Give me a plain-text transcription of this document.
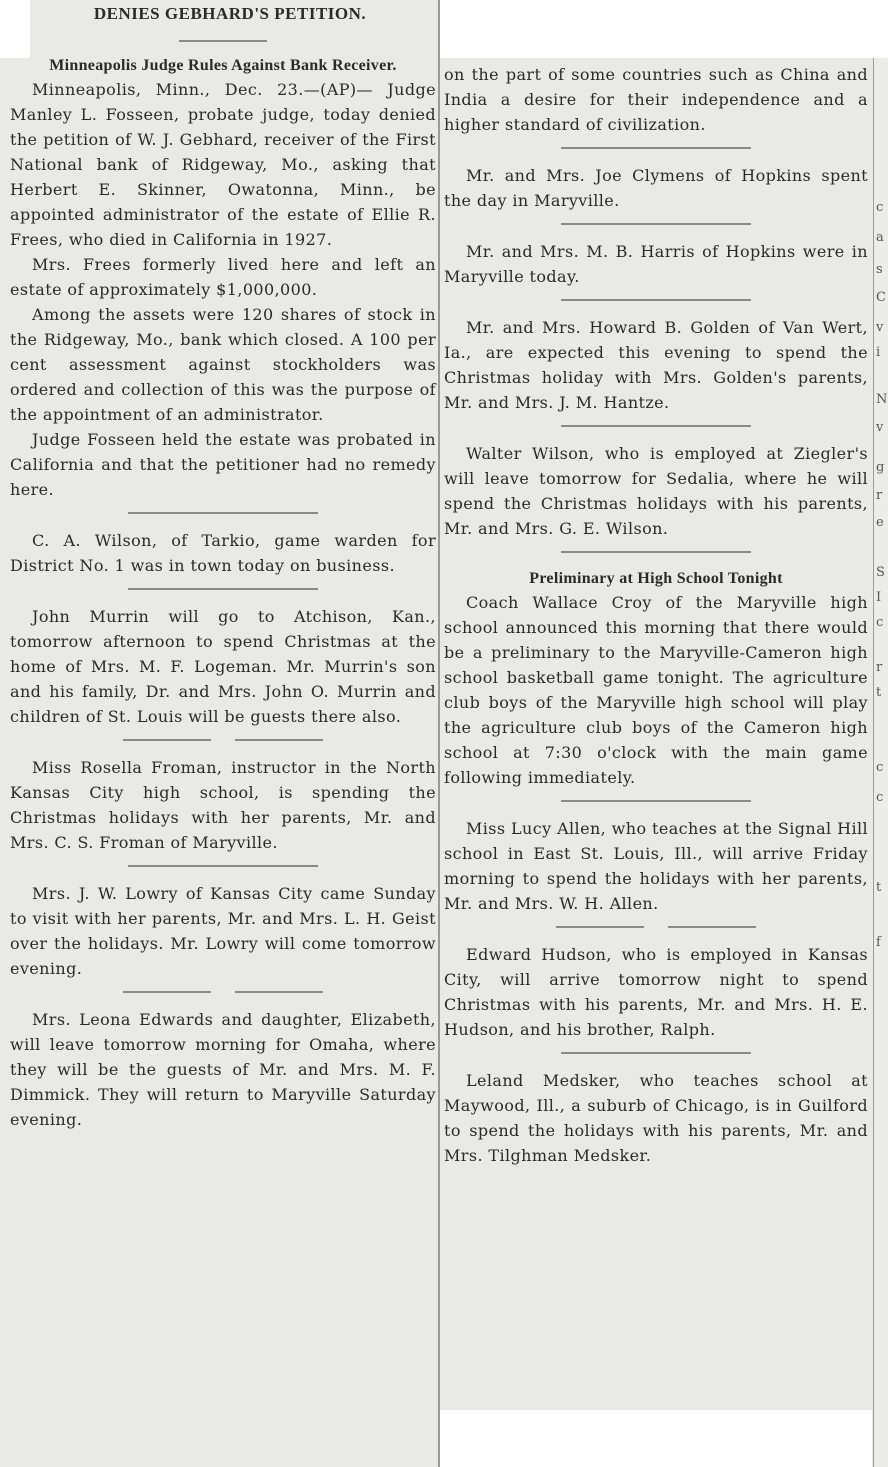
DENIES GEBHARD'S PETITION.
Minneapolis Judge Rules Against Bank Receiver.

Minneapolis, Minn., Dec. 23.—(AP)— Judge Manley L. Fosseen, probate judge, today denied the petition of W. J. Gebhard, receiver of the First National bank of Ridgeway, Mo., asking that Herbert E. Skinner, Owatonna, Minn., be appointed administrator of the estate of Ellie R. Frees, who died in California in 1927.

Mrs. Frees formerly lived here and left an estate of approximately $1,000,000.

Among the assets were 120 shares of stock in the Ridgeway, Mo., bank which closed. A 100 per cent assessment against stockholders was ordered and collection of this was the purpose of the appointment of an administrator.

Judge Fosseen held the estate was probated in California and that the petitioner had no remedy here.

C. A. Wilson, of Tarkio, game warden for District No. 1 was in town today on business.

John Murrin will go to Atchison, Kan., tomorrow afternoon to spend Christmas at the home of Mrs. M. F. Logeman. Mr. Murrin's son and his family, Dr. and Mrs. John O. Murrin and children of St. Louis will be guests there also.

Miss Rosella Froman, instructor in the North Kansas City high school, is spending the Christmas holidays with her parents, Mr. and Mrs. C. S. Froman of Maryville.

Mrs. J. W. Lowry of Kansas City came Sunday to visit with her parents, Mr. and Mrs. L. H. Geist over the holidays. Mr. Lowry will come tomorrow evening.

Mrs. Leona Edwards and daughter, Elizabeth, will leave tomorrow morning for Omaha, where they will be the guests of Mr. and Mrs. M. F. Dimmick. They will return to Maryville Saturday evening.

on the part of some countries such as China and India a desire for their independence and a higher standard of civilization.

Mr. and Mrs. Joe Clymens of Hopkins spent the day in Maryville.

Mr. and Mrs. M. B. Harris of Hopkins were in Maryville today.

Mr. and Mrs. Howard B. Golden of Van Wert, Ia., are expected this evening to spend the Christmas holiday with Mrs. Golden's parents, Mr. and Mrs. J. M. Hantze.

Walter Wilson, who is employed at Ziegler's will leave tomorrow for Sedalia, where he will spend the Christmas holidays with his parents, Mr. and Mrs. G. E. Wilson.

Preliminary at High School Tonight

Coach Wallace Croy of the Maryville high school announced this morning that there would be a preliminary to the Maryville-Cameron high school basketball game tonight. The agriculture club boys of the Maryville high school will play the agriculture club boys of the Cameron high school at 7:30 o'clock with the main game following immediately.

Miss Lucy Allen, who teaches at the Signal Hill school in East St. Louis, Ill., will arrive Friday morning to spend the holidays with her parents, Mr. and Mrs. W. H. Allen.

Edward Hudson, who is employed in Kansas City, will arrive tomorrow night to spend Christmas with his parents, Mr. and Mrs. H. E. Hudson, and his brother, Ralph.

Leland Medsker, who teaches school at Maywood, Ill., a suburb of Chicago, is in Guilford to spend the holidays with his parents, Mr. and Mrs. Tilghman Medsker.

c
a
s
C
v
i
N
v
g
r
e
S
I
c
r
t
c
c
t
f
